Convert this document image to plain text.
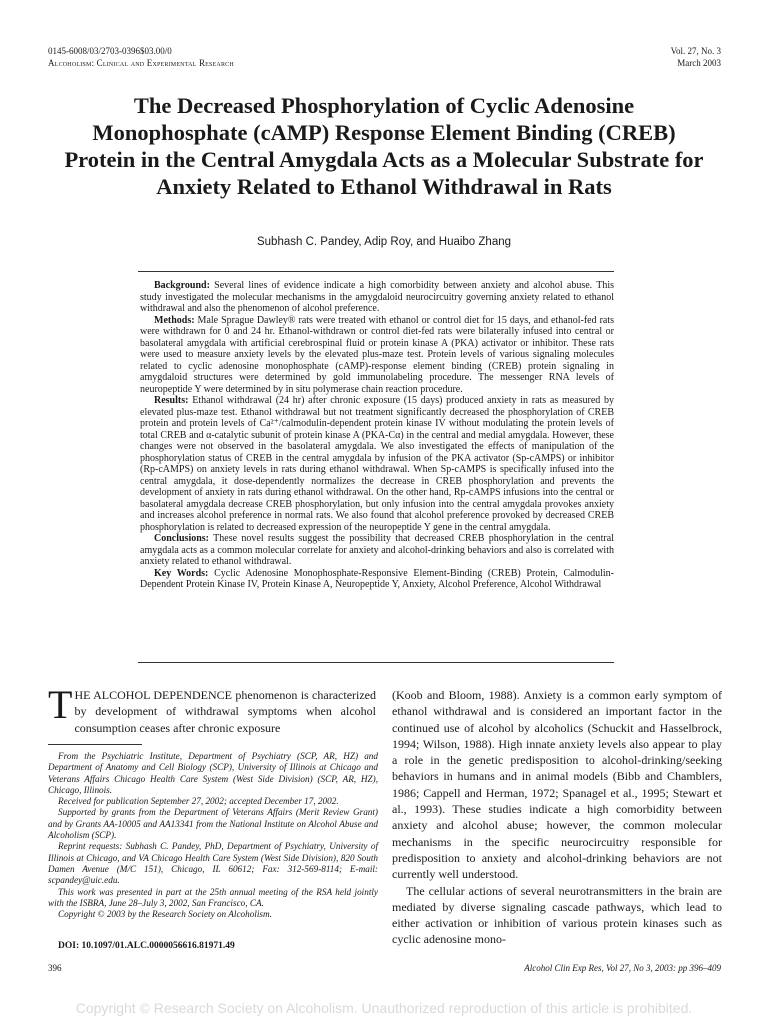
0145-6008/03/2703-0396$03.00/0
Alcoholism: Clinical and Experimental Research
Vol. 27, No. 3
March 2003
The Decreased Phosphorylation of Cyclic Adenosine Monophosphate (cAMP) Response Element Binding (CREB) Protein in the Central Amygdala Acts as a Molecular Substrate for Anxiety Related to Ethanol Withdrawal in Rats
Subhash C. Pandey, Adip Roy, and Huaibo Zhang

Background: Several lines of evidence indicate a high comorbidity between anxiety and alcohol abuse. This study investigated the molecular mechanisms in the amygdaloid neurocircuitry governing anxiety related to ethanol withdrawal and also the phenomenon of alcohol preference.

Methods: Male Sprague Dawley® rats were treated with ethanol or control diet for 15 days, and ethanol-fed rats were withdrawn for 0 and 24 hr. Ethanol-withdrawn or control diet-fed rats were bilaterally infused into central or basolateral amygdala with artificial cerebrospinal fluid or protein kinase A (PKA) activator or inhibitor. These rats were used to measure anxiety levels by the elevated plus-maze test. Protein levels of various signaling molecules related to cyclic adenosine monophosphate (cAMP)-response element binding (CREB) protein signaling in amygdaloid structures were determined by gold immunolabeling procedure. The messenger RNA levels of neuropeptide Y were determined by in situ polymerase chain reaction procedure.

Results: Ethanol withdrawal (24 hr) after chronic exposure (15 days) produced anxiety in rats as measured by elevated plus-maze test. Ethanol withdrawal but not treatment significantly decreased the phosphorylation of CREB protein and protein levels of Ca²⁺/calmodulin-dependent protein kinase IV without modulating the protein levels of total CREB and α-catalytic subunit of protein kinase A (PKA-Cα) in the central and medial amygdala. However, these changes were not observed in the basolateral amygdala. We also investigated the effects of manipulation of the phosphorylation status of CREB in the central amygdala by infusion of the PKA activator (Sp-cAMPS) or inhibitor (Rp-cAMPS) on anxiety levels in rats during ethanol withdrawal. When Sp-cAMPS is specifically infused into the central amygdala, it dose-dependently normalizes the decrease in CREB phosphorylation and prevents the development of anxiety in rats during ethanol withdrawal. On the other hand, Rp-cAMPS infusions into the central or basolateral amygdala decrease CREB phosphorylation, but only infusion into the central amygdala provokes anxiety and increases alcohol preference in normal rats. We also found that alcohol preference provoked by decreased CREB phosphorylation is related to decreased expression of the neuropeptide Y gene in the central amygdala.

Conclusions: These novel results suggest the possibility that decreased CREB phosphorylation in the central amygdala acts as a common molecular correlate for anxiety and alcohol-drinking behaviors and also is correlated with anxiety related to ethanol withdrawal.

Key Words: Cyclic Adenosine Monophosphate-Responsive Element-Binding (CREB) Protein, Calmodulin-Dependent Protein Kinase IV, Protein Kinase A, Neuropeptide Y, Anxiety, Alcohol Preference, Alcohol Withdrawal

THE ALCOHOL DEPENDENCE phenomenon is characterized by development of withdrawal symptoms when alcohol consumption ceases after chronic exposure

From the Psychiatric Institute, Department of Psychiatry (SCP, AR, HZ) and Department of Anatomy and Cell Biology (SCP), University of Illinois at Chicago and Veterans Affairs Chicago Health Care System (West Side Division) (SCP, AR, HZ), Chicago, Illinois.

Received for publication September 27, 2002; accepted December 17, 2002.

Supported by grants from the Department of Veterans Affairs (Merit Review Grant) and by Grants AA-10005 and AA13341 from the National Institute on Alcohol Abuse and Alcoholism (SCP).

Reprint requests: Subhash C. Pandey, PhD, Department of Psychiatry, University of Illinois at Chicago, and VA Chicago Health Care System (West Side Division), 820 South Damen Avenue (M/C 151), Chicago, IL 60612; Fax: 312-569-8114; E-mail: scpandey@uic.edu.

This work was presented in part at the 25th annual meeting of the RSA held jointly with the ISBRA, June 28–July 3, 2002, San Francisco, CA.

Copyright © 2003 by the Research Society on Alcoholism.

DOI: 10.1097/01.ALC.0000056616.81971.49

(Koob and Bloom, 1988). Anxiety is a common early symptom of ethanol withdrawal and is considered an important factor in the continued use of alcohol by alcoholics (Schuckit and Hasselbrock, 1994; Wilson, 1988). High innate anxiety levels also appear to play a role in the genetic predisposition to alcohol-drinking/seeking behaviors in humans and in animal models (Bibb and Chamblers, 1986; Cappell and Herman, 1972; Spanagel et al., 1995; Stewart et al., 1993). These studies indicate a high comorbidity between anxiety and alcohol abuse; however, the common molecular mechanisms in the specific neurocircuitry responsible for predisposition to anxiety and alcohol-drinking behaviors are not currently well understood.

The cellular actions of several neurotransmitters in the brain are mediated by diverse signaling cascade pathways, which lead to either activation or inhibition of various protein kinases such as cyclic adenosine mono-

396	Alcohol Clin Exp Res, Vol 27, No 3, 2003: pp 396–409
Copyright © Research Society on Alcoholism. Unauthorized reproduction of this article is prohibited.
